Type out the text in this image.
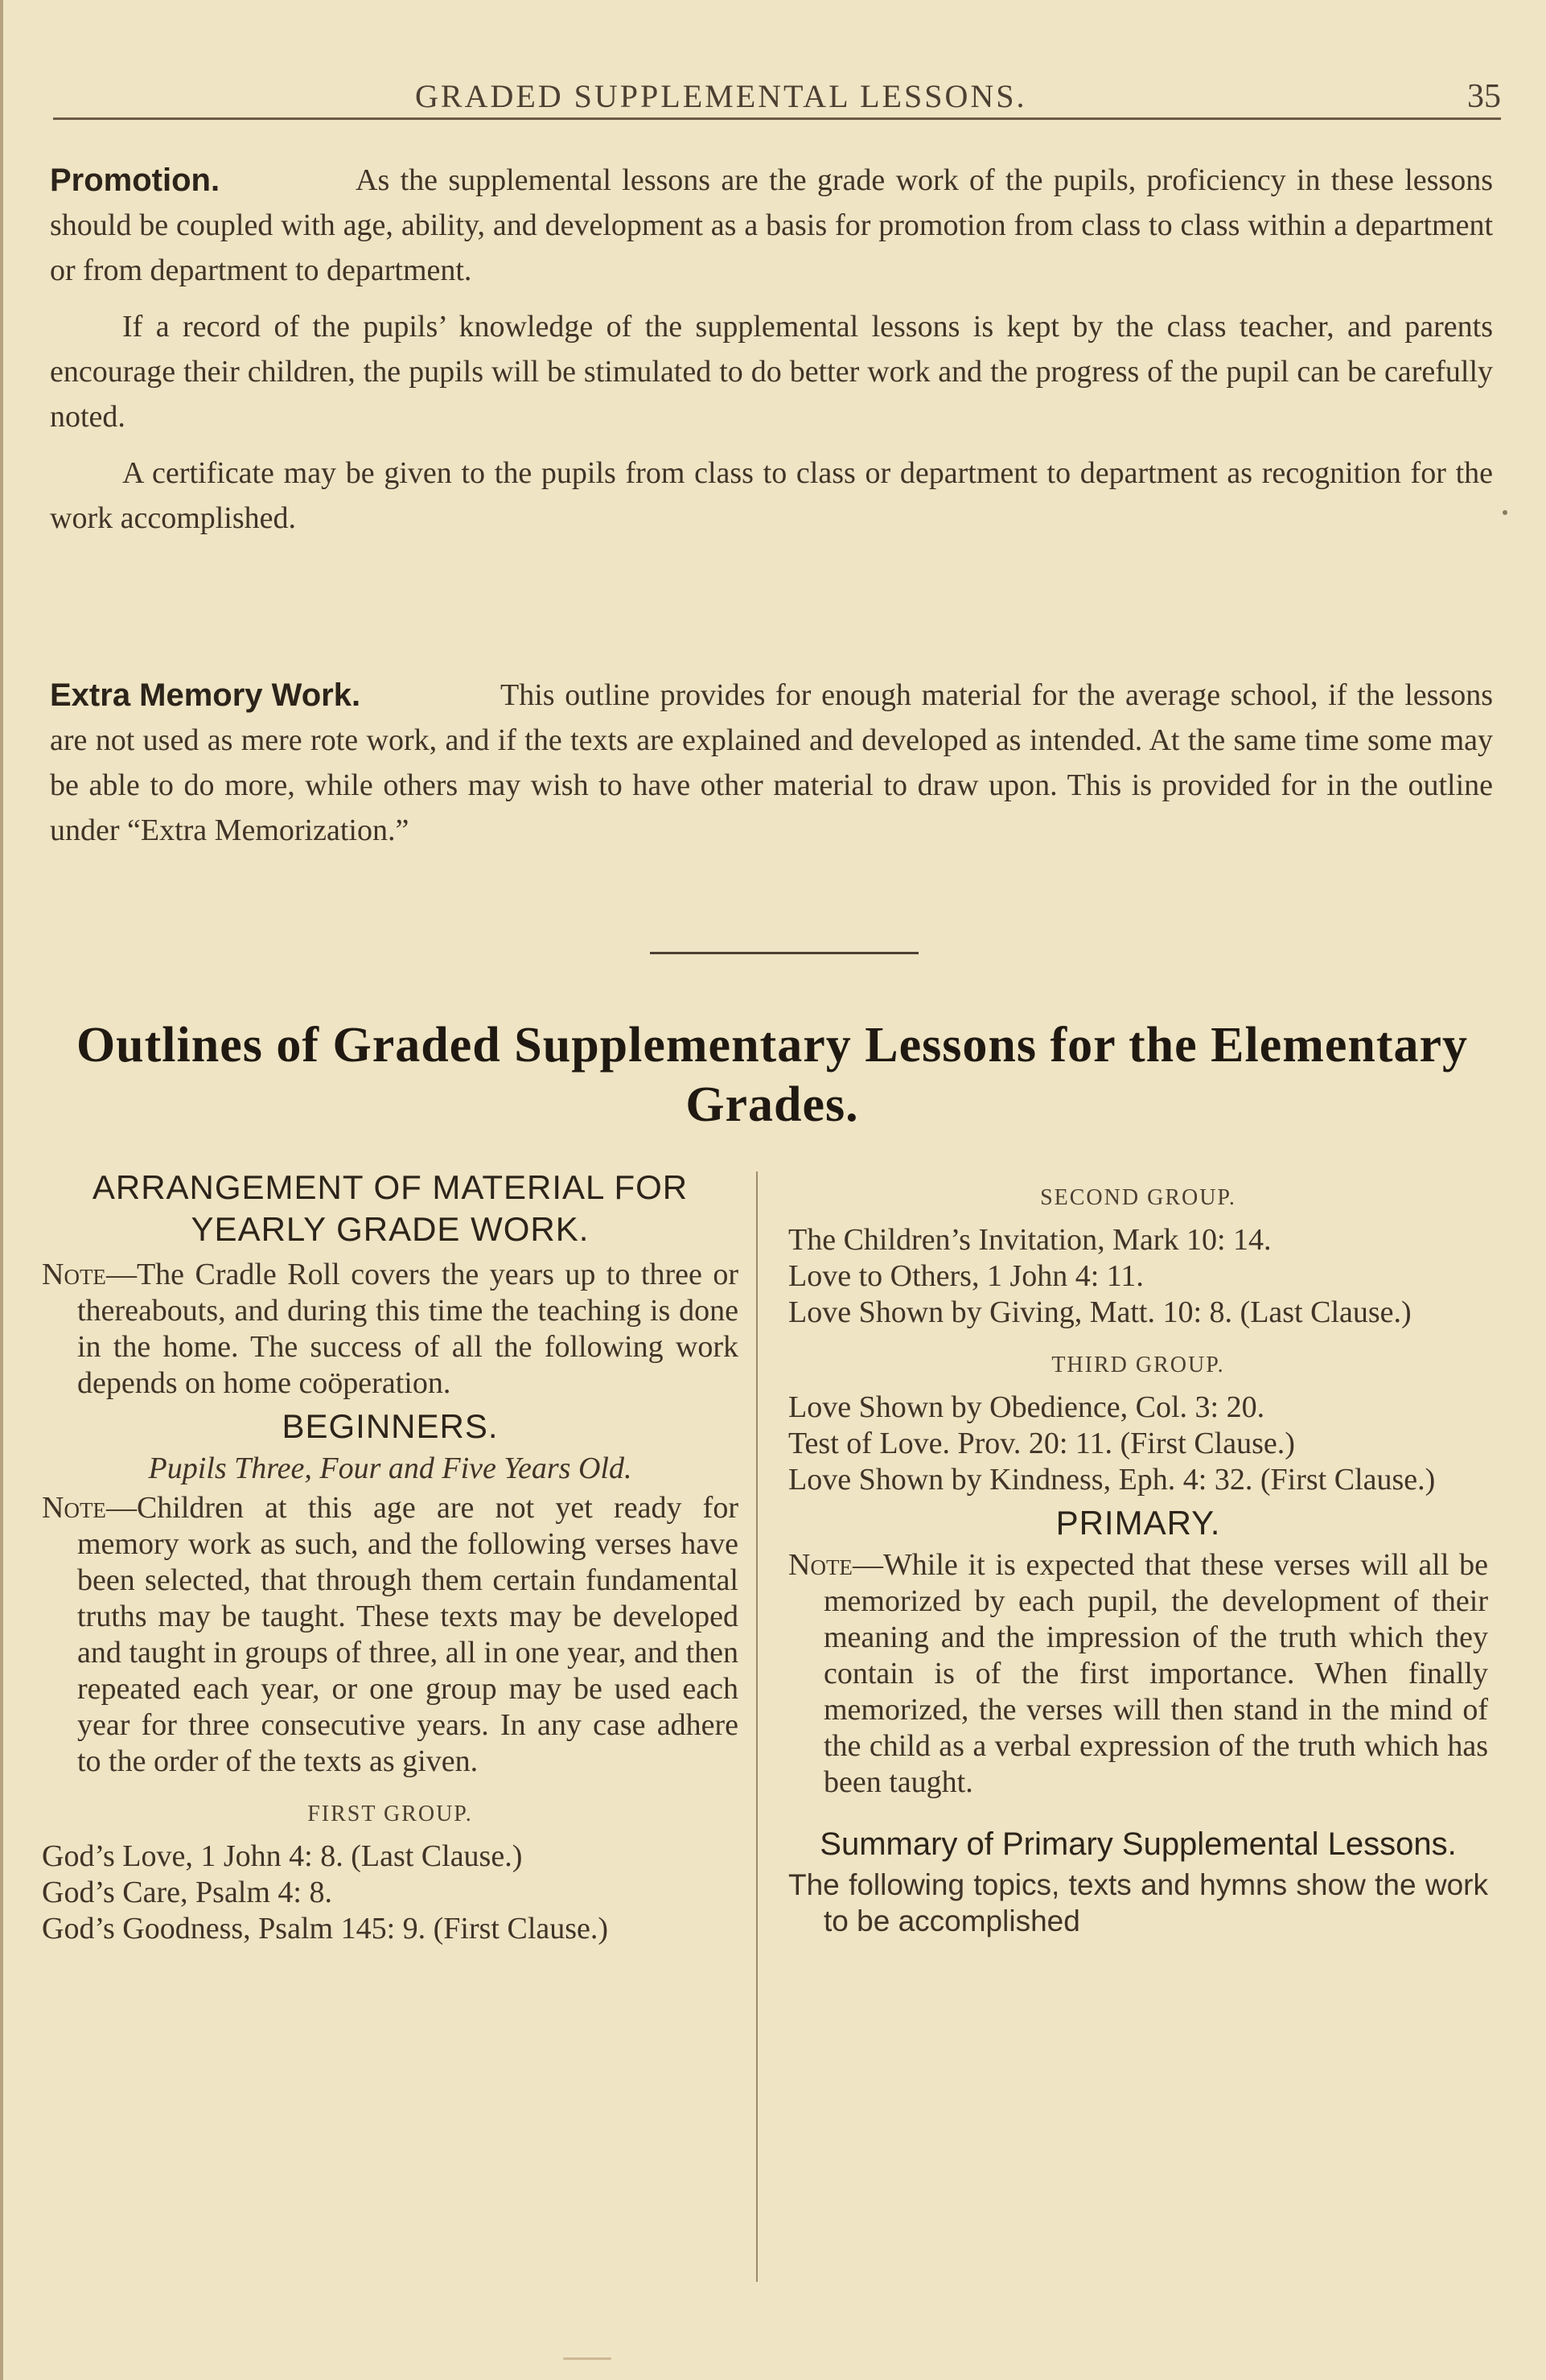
GRADED SUPPLEMENTAL LESSONS.	35

Promotion.	As the supplemental lessons are the grade work of the pupils, proficiency in these lessons should be coupled with age, ability, and development as a basis for promotion from class to class within a department or from department to department.

If a record of the pupils’ knowledge of the supplemental lessons is kept by the class teacher, and parents encourage their children, the pupils will be stimulated to do better work and the progress of the pupil can be carefully noted.

A certificate may be given to the pupils from class to class or department to department as recognition for the work accomplished.

Extra Memory Work.	This outline provides for enough material for the average school, if the lessons are not used as mere rote work, and if the texts are explained and developed as intended. At the same time some may be able to do more, while others may wish to have other material to draw upon. This is provided for in the outline under “Extra Memorization.”

Outlines of Graded Supplementary Lessons for the Elementary Grades.
ARRANGEMENT OF MATERIAL FOR YEARLY GRADE WORK.

Note—The Cradle Roll covers the years up to three or thereabouts, and during this time the teaching is done in the home. The success of all the following work depends on home coöperation.

BEGINNERS.

Pupils Three, Four and Five Years Old.

Note—Children at this age are not yet ready for memory work as such, and the following verses have been selected, that through them certain fundamental truths may be taught. These texts may be developed and taught in groups of three, all in one year, and then repeated each year, or one group may be used each year for three consecutive years. In any case adhere to the order of the texts as given.

FIRST GROUP.

God’s Love, 1 John 4: 8. (Last Clause.)

God’s Care, Psalm 4: 8.

God’s Goodness, Psalm 145: 9. (First Clause.)

SECOND GROUP.

The Children’s Invitation, Mark 10: 14.

Love to Others, 1 John 4: 11.

Love Shown by Giving, Matt. 10: 8. (Last Clause.)

THIRD GROUP.

Love Shown by Obedience, Col. 3: 20.

Test of Love. Prov. 20: 11. (First Clause.)

Love Shown by Kindness, Eph. 4: 32. (First Clause.)

PRIMARY.

Note—While it is expected that these verses will all be memorized by each pupil, the development of their meaning and the impression of the truth which they contain is of the first importance. When finally memorized, the verses will then stand in the mind of the child as a verbal expression of the truth which has been taught.

Summary of Primary Supplemental Lessons.

The following topics, texts and hymns show the work to be accomplished
